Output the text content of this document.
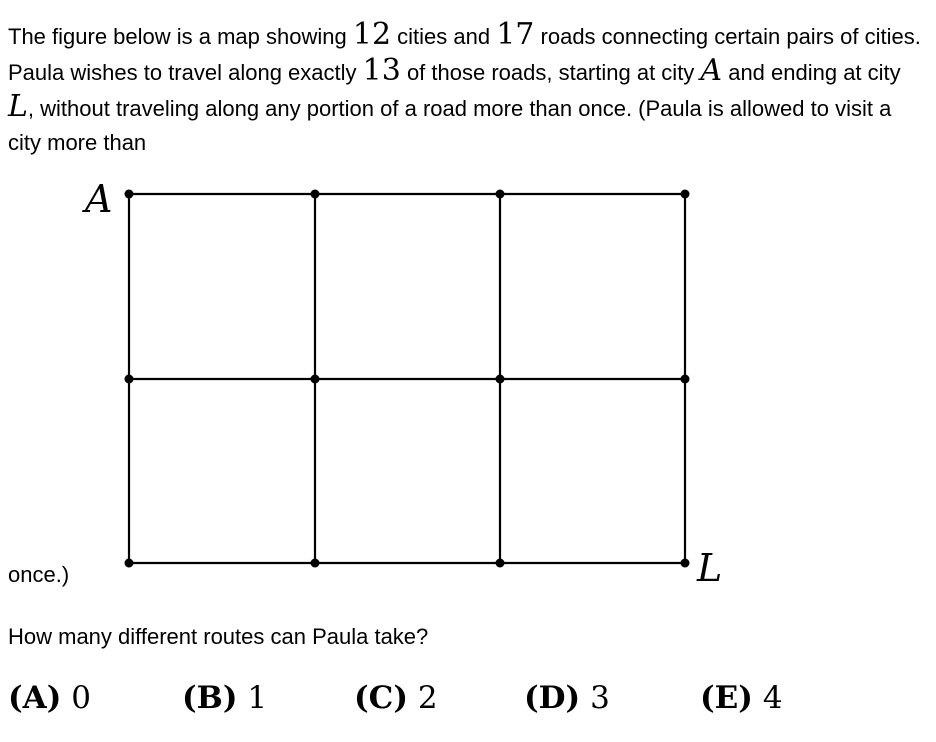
The figure below is a map showing 12 cities and 17 roads connecting certain pairs of cities. Paula wishes to travel along exactly 13 of those roads, starting at city A and ending at city L, without traveling along any portion of a road more than once. (Paula is allowed to visit a city more than

A
L
once.)
How many different routes can Paula take?
(A) 0	(B) 1	(C) 2	(D) 3	(E) 4
